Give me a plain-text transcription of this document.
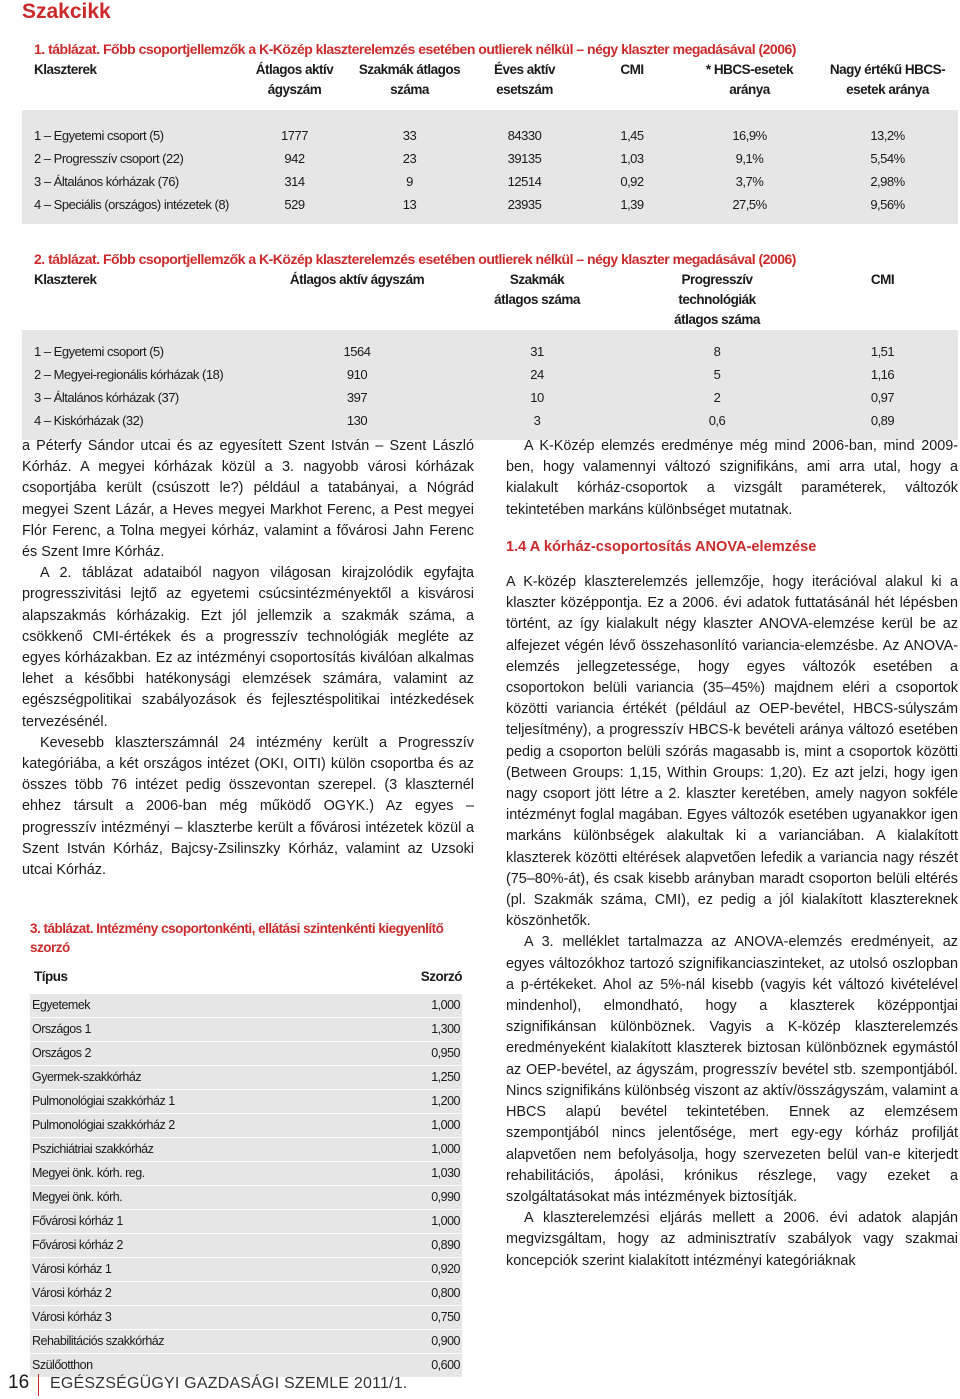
Szakcikk
1. táblázat. Főbb csoportjellemzők a K-Közép klaszterelemzés esetében outlierek nélkül – négy klaszter megadásával (2006)
Klaszterek	Átlagos aktív ágyszám	Szakmák átlagos száma	Éves aktív esetszám	CMI	* HBCS-esetek aránya	Nagy értékű HBCS-esetek aránya

1 – Egyetemi csoport (5)	1777	33	84330	1,45	16,9%	13,2%
2 – Progresszív csoport (22)	942	23	39135	1,03	9,1%	5,54%
3 – Általános kórházak (76)	314	9	12514	0,92	3,7%	2,98%
4 – Speciális (országos) intézetek (8)	529	13	23935	1,39	27,5%	9,56%

2. táblázat. Főbb csoportjellemzők a K-Közép klaszterelemzés esetében outlierek nélkül – négy klaszter megadásával (2006)
Klaszterek	Átlagos aktív ágyszám	Szakmák átlagos száma	Progresszív technológiák átlagos száma	CMI

1 – Egyetemi csoport (5)	1564	31	8	1,51
2 – Megyei-regionális kórházak (18)	910	24	5	1,16
3 – Általános kórházak (37)	397	10	2	0,97
4 – Kiskórházak (32)	130	3	0,6	0,89

a Péterfy Sándor utcai és az egyesített Szent István – Szent László Kórház. A megyei kórházak közül a 3. nagyobb városi kórházak csoportjába került (csúszott le?) például a tatabányai, a Nógrád megyei Szent Lázár, a Heves megyei Markhot Ferenc, a Pest megyei Flór Ferenc, a Tolna megyei kórház, valamint a fővárosi Jahn Ferenc és Szent Imre Kórház.

A 2. táblázat adataiból nagyon világosan kirajzolódik egyfajta progresszivitási lejtő az egyetemi csúcsintézményektől a kisvárosi alapszakmás kórházakig. Ezt jól jellemzik a szakmák száma, a csökkenő CMI-értékek és a progresszív technológiák megléte az egyes kórházakban. Ez az intézményi csoportosítás kiválóan alkalmas lehet a későbbi hatékonysági elemzések számára, valamint az egészségpolitikai szabályozások és fejlesztéspolitikai intézkedések tervezésénél.

Kevesebb klaszterszámnál 24 intézmény került a Progresszív kategóriába, a két országos intézet (OKI, OITI) külön csoportba és az összes több 76 intézet pedig összevontan szerepel. (3 klaszternél ehhez társult a 2006-ban még működő OGYK.) Az egyes – progresszív intézményi – klaszterbe került a fővárosi intézetek közül a Szent István Kórház, Bajcsy-Zsilinszky Kórház, valamint az Uzsoki utcai Kórház.

3. táblázat. Intézmény csoportonkénti, ellátási szintenkénti kiegyenlítő szorzó
Típus	Szorzó
Egyetemek	1,000
Országos 1	1,300
Országos 2	0,950
Gyermek-szakkórház	1,250
Pulmonológiai szakkórház 1	1,200
Pulmonológiai szakkórház 2	1,000
Pszichiátriai szakkórház	1,000
Megyei önk. kórh. reg.	1,030
Megyei önk. kórh.	0,990
Fővárosi kórház 1	1,000
Fővárosi kórház 2	0,890
Városi kórház 1	0,920
Városi kórház 2	0,800
Városi kórház 3	0,750
Rehabilitációs szakkórház	0,900
Szülőotthon	0,600

A K-Közép elemzés eredménye még mind 2006-ban, mind 2009-ben, hogy valamennyi változó szignifikáns, ami arra utal, hogy a kialakult kórház-csoportok a vizsgált paraméterek, változók tekintetében markáns különbséget mutatnak.

1.4 A kórház-csoportosítás ANOVA-elemzése

A K-közép klaszterelemzés jellemzője, hogy iterációval alakul ki a klaszter középpontja. Ez a 2006. évi adatok futtatásánál hét lépésben történt, az így kialakult négy klaszter ANOVA-elemzése kerül be az alfejezet végén lévő összehasonlító variancia-elemzésbe. Az ANOVA-elemzés jellegzetessége, hogy egyes változók esetében a csoportokon belüli variancia (35–45%) majdnem eléri a csoportok közötti variancia értékét (például az OEP-bevétel, HBCS-súlyszám teljesítmény), a progresszív HBCS-k bevételi aránya változó esetében pedig a csoporton belüli szórás magasabb is, mint a csoportok közötti (Between Groups: 1,15, Within Groups: 1,20). Ez azt jelzi, hogy igen nagy csoport jött létre a 2. klaszter keretében, amely nagyon sokféle intézményt foglal magában. Egyes változók esetében ugyanakkor igen markáns különbségek alakultak ki a varianciában. A kialakított klaszterek közötti eltérések alapvetően lefedik a variancia nagy részét (75–80%-át), és csak kisebb arányban maradt csoporton belüli eltérés (pl. Szakmák száma, CMI), ez pedig a jól kialakított klasztereknek köszönhetők.

A 3. melléklet tartalmazza az ANOVA-elemzés eredményeit, az egyes változókhoz tartozó szignifikanciaszinteket, az utolsó oszlopban a p-értékeket. Ahol az 5%-nál kisebb (vagyis két változó kivételével mindenhol), elmondható, hogy a klaszterek középpontjai szignifikánsan különböznek. Vagyis a K-közép klaszterelemzés eredményeként kialakított klaszterek biztosan különböznek egymástól az OEP-bevétel, az ágyszám, progresszív bevétel stb. szempontjából. Nincs szignifikáns különbség viszont az aktív/összágyszám, valamint a HBCS alapú bevétel tekintetében. Ennek az elemzésem szempontjából nincs jelentősége, mert egy-egy kórház profilját alapvetően nem befolyásolja, hogy szervezeten belül van-e kiterjedt rehabilitációs, ápolási, krónikus részlege, vagy ezeket a szolgáltatásokat más intézmények biztosítják.

A klaszterelemzési eljárás mellett a 2006. évi adatok alapján megvizsgáltam, hogy az adminisztratív szabályok vagy szakmai koncepciók szerint kialakított intézményi kategóriáknak

16 EGÉSZSÉGÜGYI GAZDASÁGI SZEMLE 2011/1.
